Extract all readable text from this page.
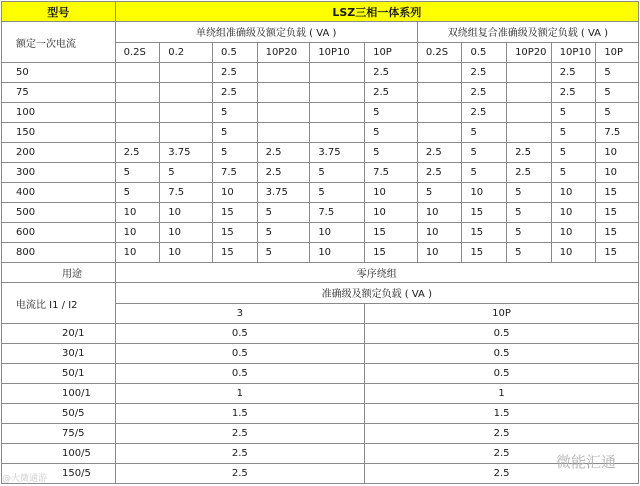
型号	LSZ三相一体系列										
额定一次电流	单绕组准确级及额定负载 ( VA )						双绕组复合准确级及额定负载 ( VA )				
	0.2S	0.2	0.5	10P20	10P10	10P	0.2S	0.5	10P20	10P10	10P
50			2.5			2.5		2.5		2.5	5
75			2.5			2.5		2.5		2.5	5
100			5			5		2.5		5	5
150			5			5		5		5	7.5
200	2.5	3.75	5	2.5	3.75	5	2.5	5	2.5	5	10
300	5	5	7.5	2.5	5	7.5	2.5	5	2.5	5	10
400	5	7.5	10	3.75	5	10	5	10	5	10	15
500	10	10	15	5	7.5	10	10	15	5	10	15
600	10	10	15	5	10	15	10	15	5	10	15
800	10	10	15	5	10	15	10	15	5	10	15
用途	零序绕组										
电流比 I1 / I2	准确级及额定负载 ( VA )										
	3					10P					
20/1	0.5					0.5					
30/1	0.5					0.5					
50/1	0.5					0.5					
100/1	1					1					
50/5	1.5					1.5					
75/5	2.5					2.5					
100/5	2.5					2.5					
150/5	2.5					2.5					
微能汇通
@大微通游
